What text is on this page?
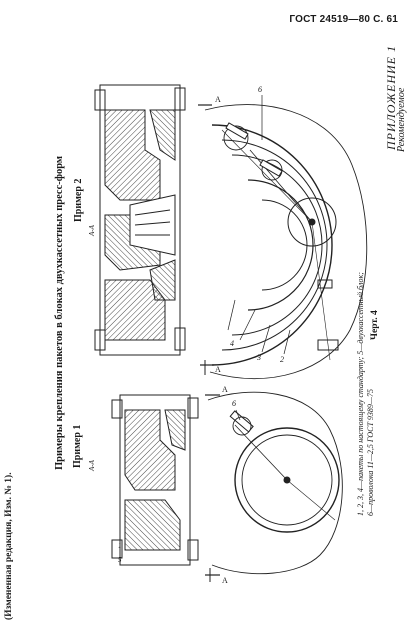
ГОСТ 24519—80 С. 61
ПРИЛОЖЕНИЕ 1
Рекомендуемое
Примеры крепления пакетов в блоках двухкассетных пресс-форм Пример 1
Пример 2
А-А
А-А
1, 2, 3, 4—пакеты по настоящему стандарту; 5—двухкассетный блок; 6—проволока 11—2,5 ГОСТ 9389—75
Черт. 4
(Измененная редакция, Изм. № 1).
4
3 2
6
6
1
5
А
А
А
А
